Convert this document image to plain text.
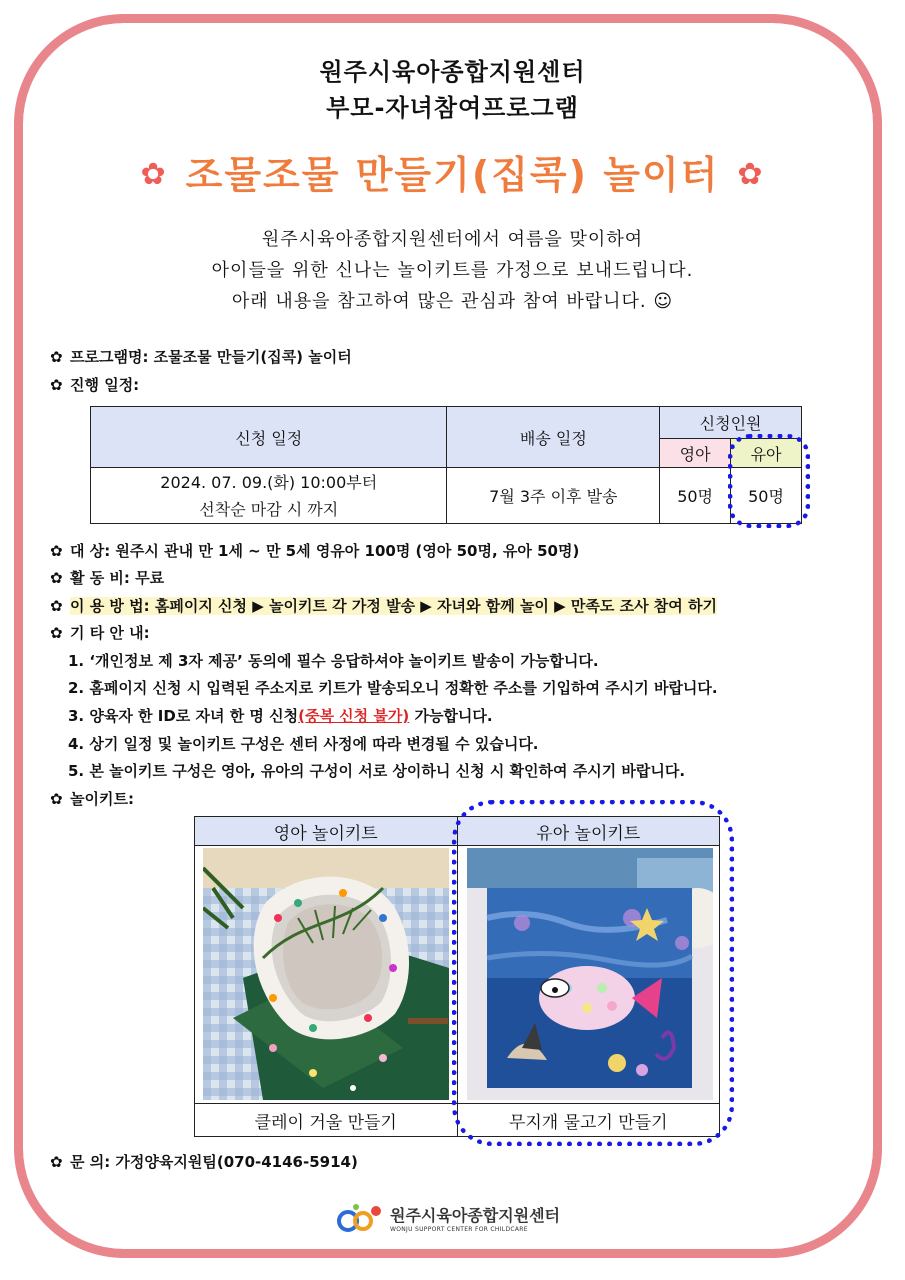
원주시육아종합지원센터
부모-자녀참여프로그램
✿ 조물조물 만들기(집콕) 놀이터 ✿
원주시육아종합지원센터에서 여름을 맞이하여
아이들을 위한 신나는 놀이키트를 가정으로 보내드립니다.
아래 내용을 참고하여 많은 관심과 참여 바랍니다. ☺
✿ 프로그램명: 조물조물 만들기(집콕) 놀이터
✿ 진행 일정:
신청 일정	배송 일정	신청인원	
		영아	유아

2024. 07. 09.(화) 10:00부터
선착순 마감 시 까지	7월 3주 이후 발송	50명	50명
✿ 대 상: 원주시 관내 만 1세 ~ 만 5세 영유아 100명 (영아 50명, 유아 50명)
✿ 활 동 비: 무료
✿ 이 용 방 법: 홈페이지 신청 ▶ 놀이키트 각 가정 발송 ▶ 자녀와 함께 놀이 ▶ 만족도 조사 참여 하기
✿ 기 타 안 내:
1. ‘개인정보 제 3자 제공’ 동의에 필수 응답하셔야 놀이키트 발송이 가능합니다.
2. 홈페이지 신청 시 입력된 주소지로 키트가 발송되오니 정확한 주소를 기입하여 주시기 바랍니다.
3. 양육자 한 ID로 자녀 한 명 신청(중복 신청 불가) 가능합니다.
4. 상기 일정 및 놀이키트 구성은 센터 사정에 따라 변경될 수 있습니다.
5. 본 놀이키트 구성은 영아, 유아의 구성이 서로 상이하니 신청 시 확인하여 주시기 바랍니다.
✿ 놀이키트:
영아 놀이키트	유아 놀이키트

클레이 거울 만들기	무지개 물고기 만들기
✿ 문 의: 가정양육지원팀(070-4146-5914)
원주시육아종합지원센터
WONJU SUPPORT CENTER FOR CHILDCARE
